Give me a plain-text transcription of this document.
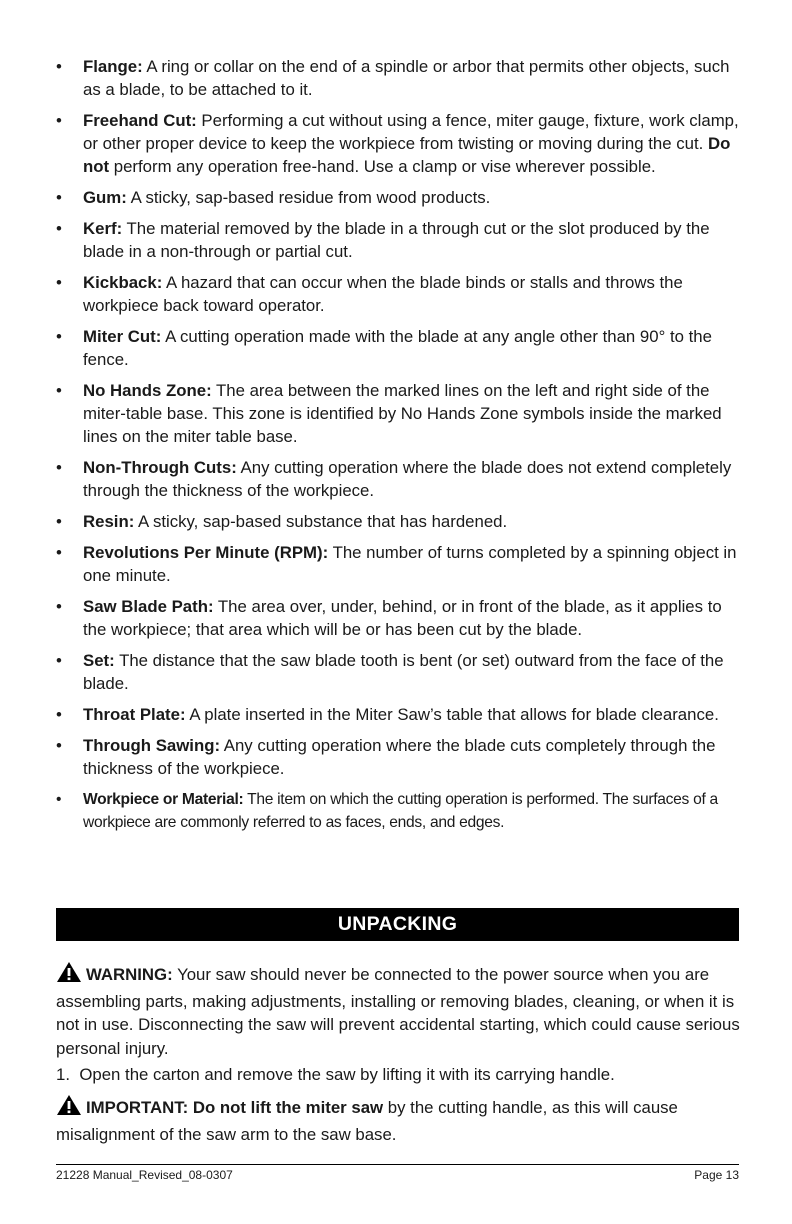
•	Flange: A ring or collar on the end of a spindle or arbor that permits other objects, such as a blade, to be attached to it.
•	Freehand Cut: Performing a cut without using a fence, miter gauge, fixture, work clamp, or other proper device to keep the workpiece from twisting or moving during the cut. Do not perform any operation free-hand. Use a clamp or vise wherever possible.
•	Gum: A sticky, sap-based residue from wood products.
•	Kerf: The material removed by the blade in a through cut or the slot produced by the blade in a non-through or partial cut.
•	Kickback: A hazard that can occur when the blade binds or stalls and throws the workpiece back toward operator.
•	Miter Cut: A cutting operation made with the blade at any angle other than 90° to the fence.
•	No Hands Zone: The area between the marked lines on the left and right side of the miter-table base. This zone is identified by No Hands Zone symbols inside the marked lines on the miter table base.
•	Non-Through Cuts: Any cutting operation where the blade does not extend completely through the thickness of the workpiece.
•	Resin: A sticky, sap-based substance that has hardened.
•	Revolutions Per Minute (RPM): The number of turns completed by a spinning object in one minute.
•	Saw Blade Path: The area over, under, behind, or in front of the blade, as it applies to the workpiece; that area which will be or has been cut by the blade.
•	Set: The distance that the saw blade tooth is bent (or set) outward from the face of the blade.
•	Throat Plate: A plate inserted in the Miter Saw’s table that allows for blade clearance.
•	Through Sawing: Any cutting operation where the blade cuts completely through the thickness of the workpiece.
•	Workpiece or Material: The item on which the cutting operation is performed. The surfaces of a workpiece are commonly referred to as faces, ends, and edges.
UNPACKING
WARNING: Your saw should never be connected to the power source when you are assembling parts, making adjustments, installing or removing blades, cleaning, or when it is not in use. Disconnecting the saw will prevent accidental starting, which could cause serious personal injury.
1. Open the carton and remove the saw by lifting it with its carrying handle.
IMPORTANT: Do not lift the miter saw by the cutting handle, as this will cause misalignment of the saw arm to the saw base.
21228 Manual_Revised_08-0307	Page 13
